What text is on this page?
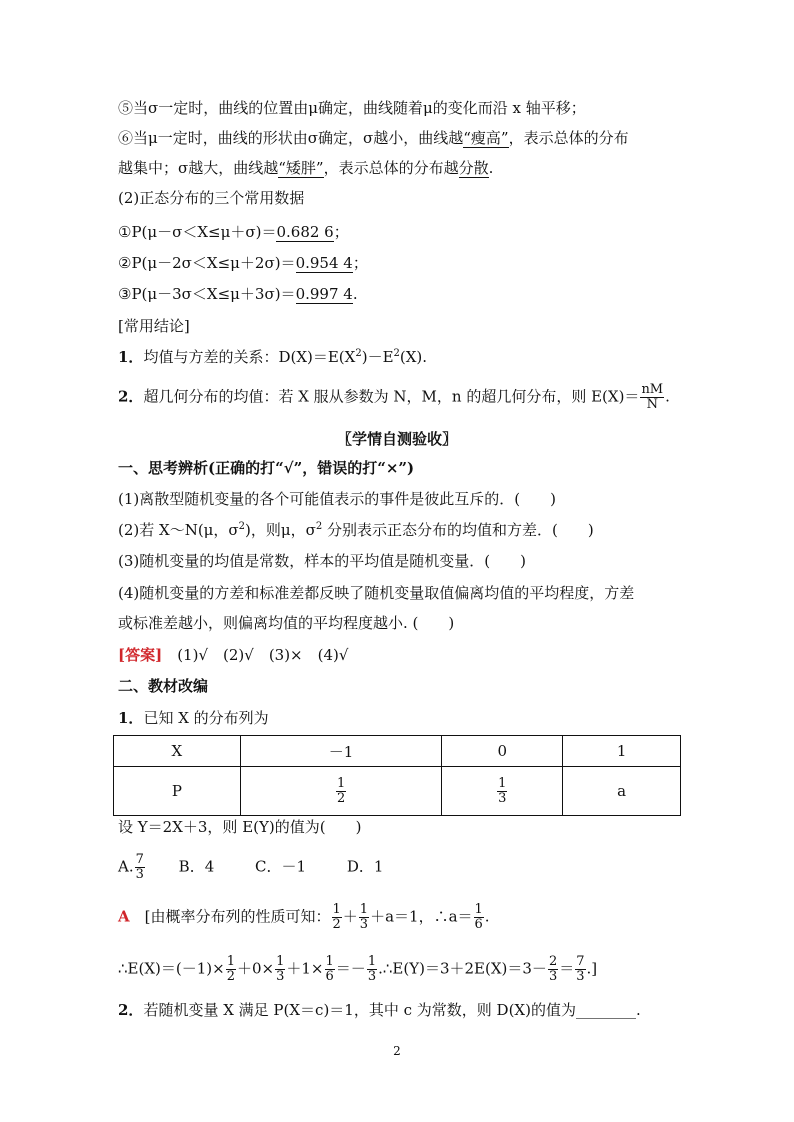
⑤当σ一定时，曲线的位置由μ确定，曲线随着μ的变化而沿 x 轴平移；
⑥当μ一定时，曲线的形状由σ确定，σ越小，曲线越“瘦高”，表示总体的分布
越集中；σ越大，曲线越“矮胖”，表示总体的分布越分散.
(2)正态分布的三个常用数据
①P(μ－σ＜X≤μ＋σ)＝0.682 6；
②P(μ－2σ＜X≤μ＋2σ)＝0.954 4；
③P(μ－3σ＜X≤μ＋3σ)＝0.997 4.
[常用结论]
1．均值与方差的关系：$D(X)=E(X^2)-E^2(X)$.
2．超几何分布的均值：若 X 服从参数为 N，M，n 的超几何分布，则 $E(X)= \frac{nM}{N}$ .
〖学情自测验收〗
一、思考辨析(正确的打“√”，错误的打“×”)
(1)离散型随机变量的各个可能值表示的事件是彼此互斥的．(　　)
(2)若 X～N(μ，$\sigma^2$)，则μ，$\sigma^2$ 分别表示正态分布的均值和方差．(　　)
(3)随机变量的均值是常数，样本的平均值是随机变量．(　　)
(4)随机变量的方差和标准差都反映了随机变量取值偏离均值的平均程度，方差
或标准差越小，则偏离均值的平均程度越小. (　　)
[答案]　(1)√　(2)√　(3)×　(4)√
二、教材改编
1．已知 X 的分布列为
X	－1	0	1
P	$\frac{1}{2}$	$\frac{1}{3}$	a
设 Y＝2X＋3，则 E(Y)的值为(　　)
A. $\frac{7}{3}$ B．4	C．－1	D．1
A　[由概率分布列的性质可知： $\frac{1}{2} + \frac{1}{3} +a=1$，∴a＝ $\frac{1}{6}$ .
∴E(X)＝(－1)× $\frac{1}{2} +0\times \frac{1}{3} +1\times \frac{1}{6} =- \frac{1}{3}$ .∴E(Y)＝3＋2E(X)＝3－ $\frac{2}{3} = \frac{7}{3}$ .]
2．若随机变量 X 满足 P(X＝c)＝1，其中 c 为常数，则 D(X)的值为________.
2
